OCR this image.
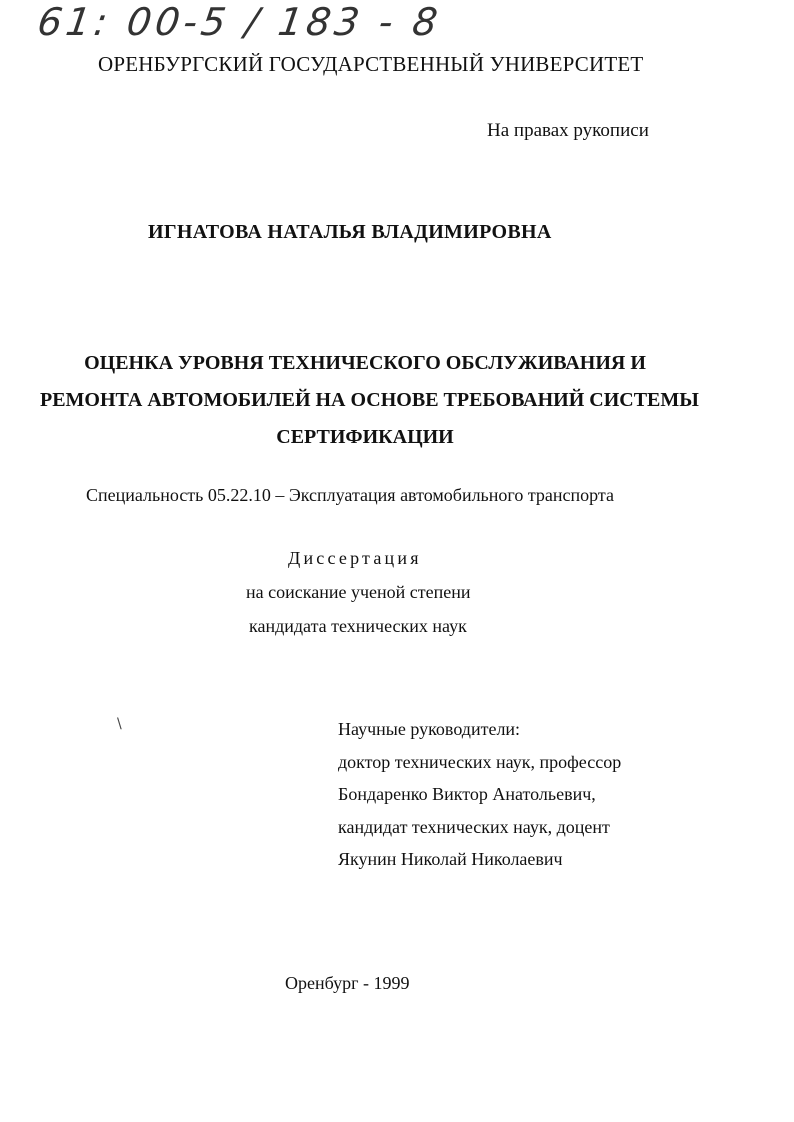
61: 00-5 / 183 - 8
ОРЕНБУРГСКИЙ ГОСУДАРСТВЕННЫЙ УНИВЕРСИТЕТ
На правах рукописи
ИГНАТОВА НАТАЛЬЯ ВЛАДИМИРОВНА
ОЦЕНКА УРОВНЯ ТЕХНИЧЕСКОГО ОБСЛУЖИВАНИЯ И
РЕМОНТА АВТОМОБИЛЕЙ НА ОСНОВЕ ТРЕБОВАНИЙ СИСТЕМЫ
СЕРТИФИКАЦИИ
Специальность 05.22.10 – Эксплуатация автомобильного транспорта
Диссертация
на соискание ученой степени
кандидата технических наук
\	Научные руководители:
доктор технических наук, профессор
Бондаренко Виктор Анатольевич,
кандидат технических наук, доцент
Якунин Николай Николаевич
Оренбург - 1999
